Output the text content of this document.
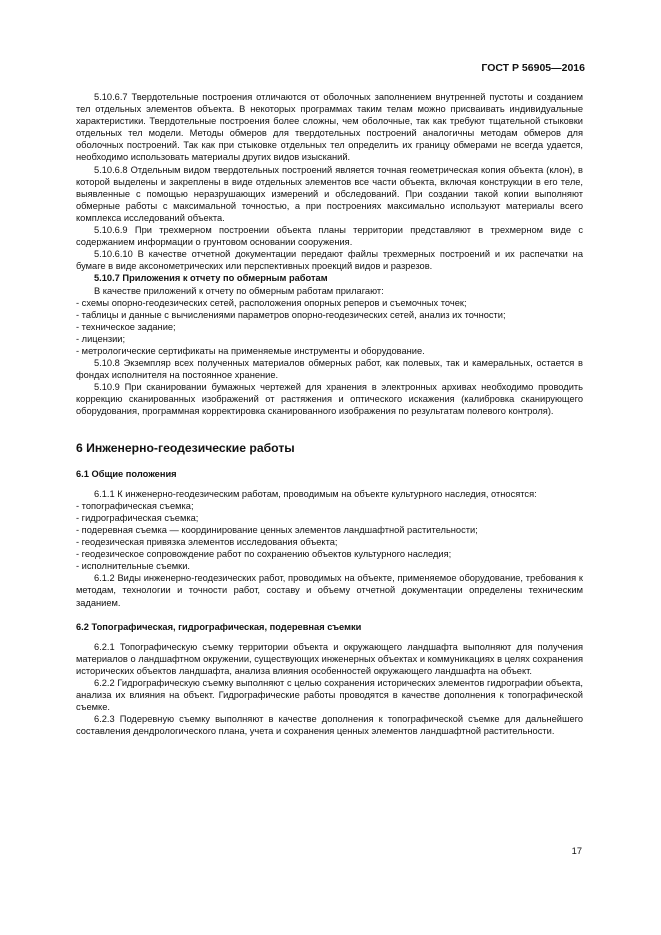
ГОСТ Р 56905—2016

5.10.6.7 Твердотельные построения отличаются от оболочных заполнением внутренней пустоты и созданием тел отдельных элементов объекта. В некоторых программах таким телам можно присваивать индивидуальные характеристики. Твердотельные построения более сложны, чем оболочные, так как требуют тщательной стыковки отдельных тел модели. Методы обмеров для твердотельных построений аналогичны методам обмеров для оболочных построений. Так как при стыковке отдельных тел определить их границу обмерами не всегда удается, необходимо использовать материалы других видов изысканий.

5.10.6.8 Отдельным видом твердотельных построений является точная геометрическая копия объекта (клон), в которой выделены и закреплены в виде отдельных элементов все части объекта, включая конструкции в его теле, выявленные с помощью неразрушающих измерений и обследований. При создании такой копии выполняют обмерные работы с максимальной точностью, а при построениях максимально используют материалы всего комплекса исследований объекта.

5.10.6.9 При трехмерном построении объекта планы территории представляют в трехмерном виде с содержанием информации о грунтовом основании сооружения.

5.10.6.10 В качестве отчетной документации передают файлы трехмерных построений и их распечатки на бумаге в виде аксонометрических или перспективных проекций видов и разрезов.

5.10.7 Приложения к отчету по обмерным работам

В качестве приложений к отчету по обмерным работам прилагают:

- схемы опорно-геодезических сетей, расположения опорных реперов и съемочных точек;

- таблицы и данные с вычислениями параметров опорно-геодезических сетей, анализ их точности;

- техническое задание;

- лицензии;

- метрологические сертификаты на применяемые инструменты и оборудование.

5.10.8 Экземпляр всех полученных материалов обмерных работ, как полевых, так и камеральных, остается в фондах исполнителя на постоянное хранение.

5.10.9 При сканировании бумажных чертежей для хранения в электронных архивах необходимо проводить коррекцию сканированных изображений от растяжения и оптического искажения (калибровка сканирующего оборудования, программная корректировка сканированного изображения по результатам полевого контроля).

6 Инженерно-геодезические работы
6.1 Общие положения

6.1.1 К инженерно-геодезическим работам, проводимым на объекте культурного наследия, относятся:

- топографическая съемка;

- гидрографическая съемка;

- подеревная съемка — координирование ценных элементов ландшафтной растительности;

- геодезическая привязка элементов исследования объекта;

- геодезическое сопровождение работ по сохранению объектов культурного наследия;

- исполнительные съемки.

6.1.2 Виды инженерно-геодезических работ, проводимых на объекте, применяемое оборудование, требования к методам, технологии и точности работ, составу и объему отчетной документации определены техническим заданием.

6.2 Топографическая, гидрографическая, подеревная съемки

6.2.1 Топографическую съемку территории объекта и окружающего ландшафта выполняют для получения материалов о ландшафтном окружении, существующих инженерных объектах и коммуникациях в целях сохранения исторических объектов ландшафта, анализа влияния особенностей окружающего ландшафта на объект.

6.2.2 Гидрографическую съемку выполняют с целью сохранения исторических элементов гидрографии объекта, анализа их влияния на объект. Гидрографические работы проводятся в качестве дополнения к топографической съемке.

6.2.3 Подеревную съемку выполняют в качестве дополнения к топографической съемке для дальнейшего составления дендрологического плана, учета и сохранения ценных элементов ландшафтной растительности.

17
